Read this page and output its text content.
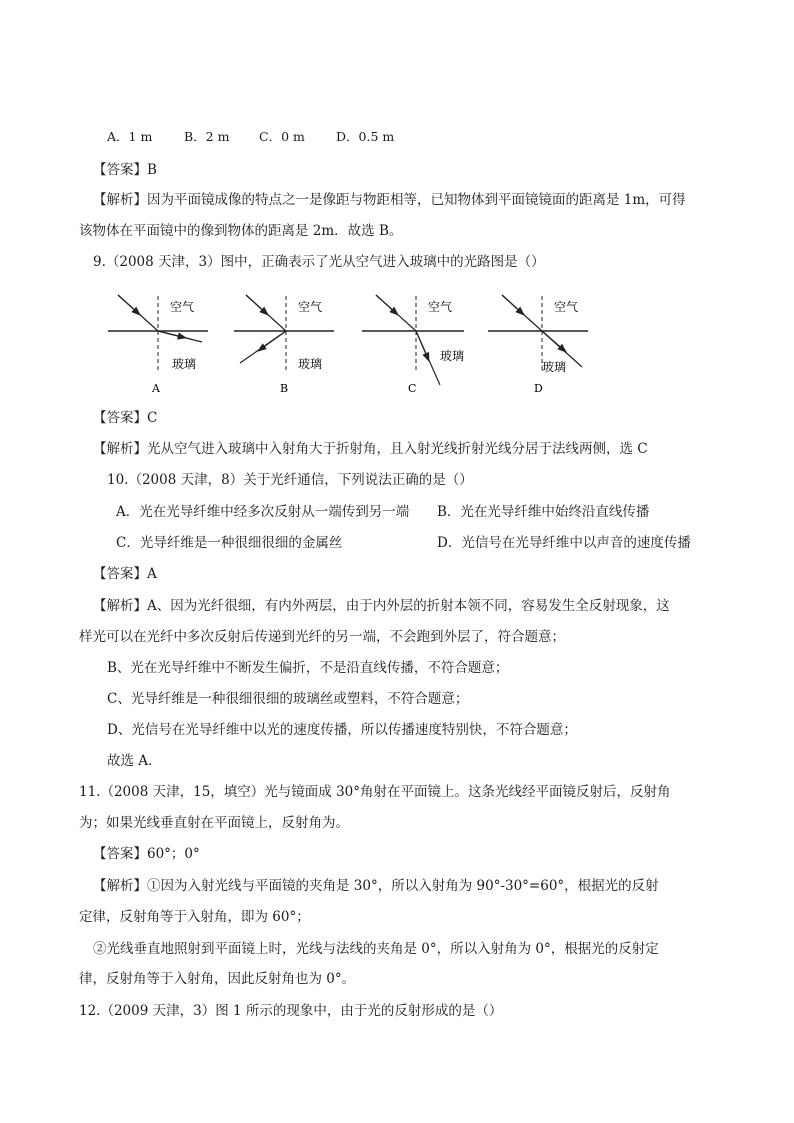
A．1 m	B．2 m C．0 m D．0.5 m
【答案】B
【解析】因为平面镜成像的特点之一是像距与物距相等，已知物体到平面镜镜面的距离是 1m，可得
该物体在平面镜中的像到物体的距离是 2m．故选 B。
9.（2008 天津，3）图中，正确表示了光从空气进入玻璃中的光路图是（）
空气
玻璃
A
空气
玻璃
B
空气
玻璃
C
空气
玻璃
D
【答案】C
【解析】光从空气进入玻璃中入射角大于折射角，且入射光线折射光线分居于法线两侧，选 C
10.（2008 天津，8）关于光纤通信，下列说法正确的是（）
A．光在光导纤维中经多次反射从一端传到另一端 B．光在光导纤维中始终沿直线传播
C．光导纤维是一种很细很细的金属丝	D．光信号在光导纤维中以声音的速度传播
【答案】A
【解析】A、因为光纤很细，有内外两层，由于内外层的折射本领不同，容易发生全反射现象，这
样光可以在光纤中多次反射后传递到光纤的另一端，不会跑到外层了，符合题意；
B、光在光导纤维中不断发生偏折，不是沿直线传播，不符合题意；
C、光导纤维是一种很细很细的玻璃丝或塑料，不符合题意；
D、光信号在光导纤维中以光的速度传播，所以传播速度特别快，不符合题意；
故选 A．
11.（2008 天津，15，填空）光与镜面成 30°角射在平面镜上。这条光线经平面镜反射后，反射角
为；如果光线垂直射在平面镜上，反射角为。
【答案】60°；0°
【解析】①因为入射光线与平面镜的夹角是 30°，所以入射角为 90°-30°=60°，根据光的反射
定律，反射角等于入射角，即为 60°；
②光线垂直地照射到平面镜上时，光线与法线的夹角是 0°，所以入射角为 0°，根据光的反射定
律，反射角等于入射角，因此反射角也为 0°。
12.（2009 天津，3）图 1 所示的现象中，由于光的反射形成的是（）
